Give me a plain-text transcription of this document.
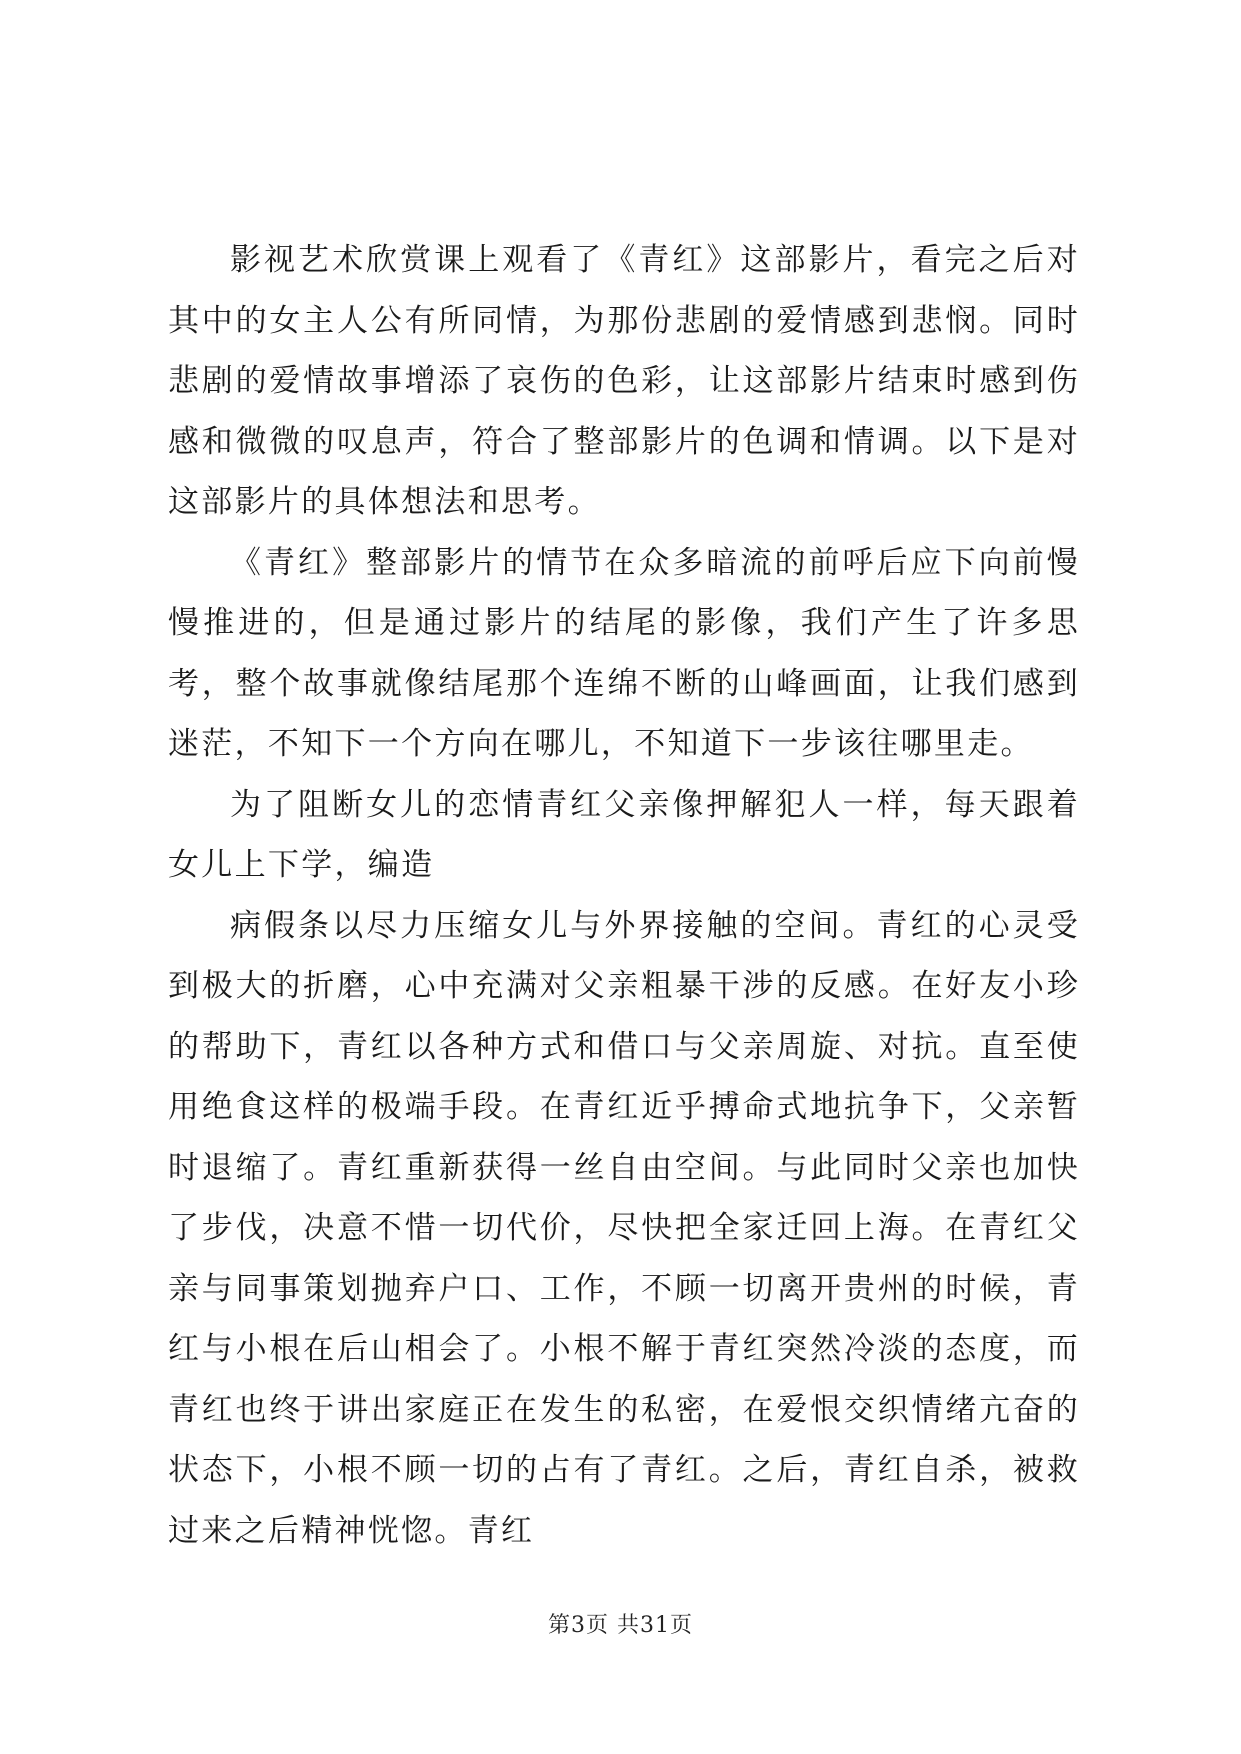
影视艺术欣赏课上观看了《青红》这部影片，看完之后对其中的女主人公有所同情，为那份悲剧的爱情感到悲悯。同时悲剧的爱情故事增添了哀伤的色彩，让这部影片结束时感到伤感和微微的叹息声，符合了整部影片的色调和情调。以下是对这部影片的具体想法和思考。

《青红》整部影片的情节在众多暗流的前呼后应下向前慢慢推进的，但是通过影片的结尾的影像，我们产生了许多思考，整个故事就像结尾那个连绵不断的山峰画面，让我们感到迷茫，不知下一个方向在哪儿，不知道下一步该往哪里走。

为了阻断女儿的恋情青红父亲像押解犯人一样，每天跟着女儿上下学，编造

病假条以尽力压缩女儿与外界接触的空间。青红的心灵受到极大的折磨，心中充满对父亲粗暴干涉的反感。在好友小珍的帮助下，青红以各种方式和借口与父亲周旋、对抗。直至使用绝食这样的极端手段。在青红近乎搏命式地抗争下，父亲暂时退缩了。青红重新获得一丝自由空间。与此同时父亲也加快了步伐，决意不惜一切代价，尽快把全家迁回上海。在青红父亲与同事策划抛弃户口、工作，不顾一切离开贵州的时候，青红与小根在后山相会了。小根不解于青红突然冷淡的态度，而青红也终于讲出家庭正在发生的私密，在爱恨交织情绪亢奋的状态下，小根不顾一切的占有了青红。之后，青红自杀，被救过来之后精神恍惚。青红

第3页 共31页
